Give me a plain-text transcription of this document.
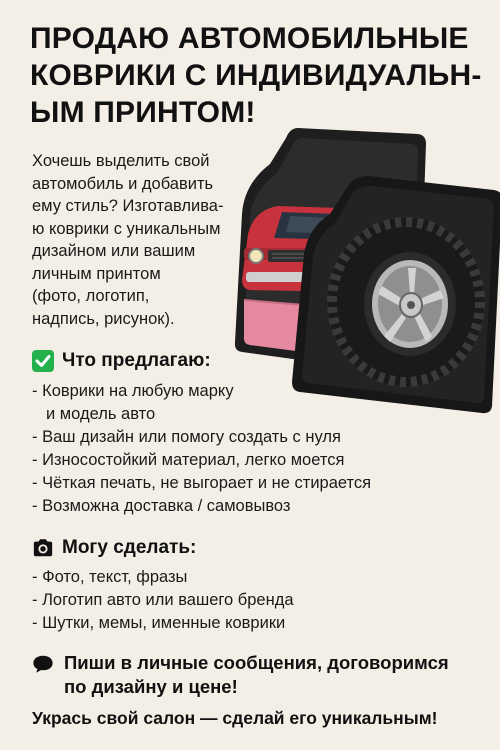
ПРОДАЮ АВТОМОБИЛЬНЫЕ
КОВРИКИ С ИНДИВИДУАЛЬН-
ЫМ ПРИНТОМ!
Хочешь выделить свой
автомобиль и добавить
ему стиль? Изготавлива-
ю коврики с уникальным
дизайном или вашим
личным принтом
(фото, логотип,
надпись, рисунок).
Что предлагаю:
- Коврики на любую марку
и модель авто
- Ваш дизайн или помогу создать с нуля
- Износостойкий материал, легко моется
- Чёткая печать, не выгорает и не стирается
- Возможна доставка / самовывоз
Могу сделать:
- Фото, текст, фразы
- Логотип авто или вашего бренда
- Шутки, мемы, именные коврики
Пиши в личные сообщения, договоримся
по дизайну и цене!
Укрась свой салон — сделай его уникальным!
